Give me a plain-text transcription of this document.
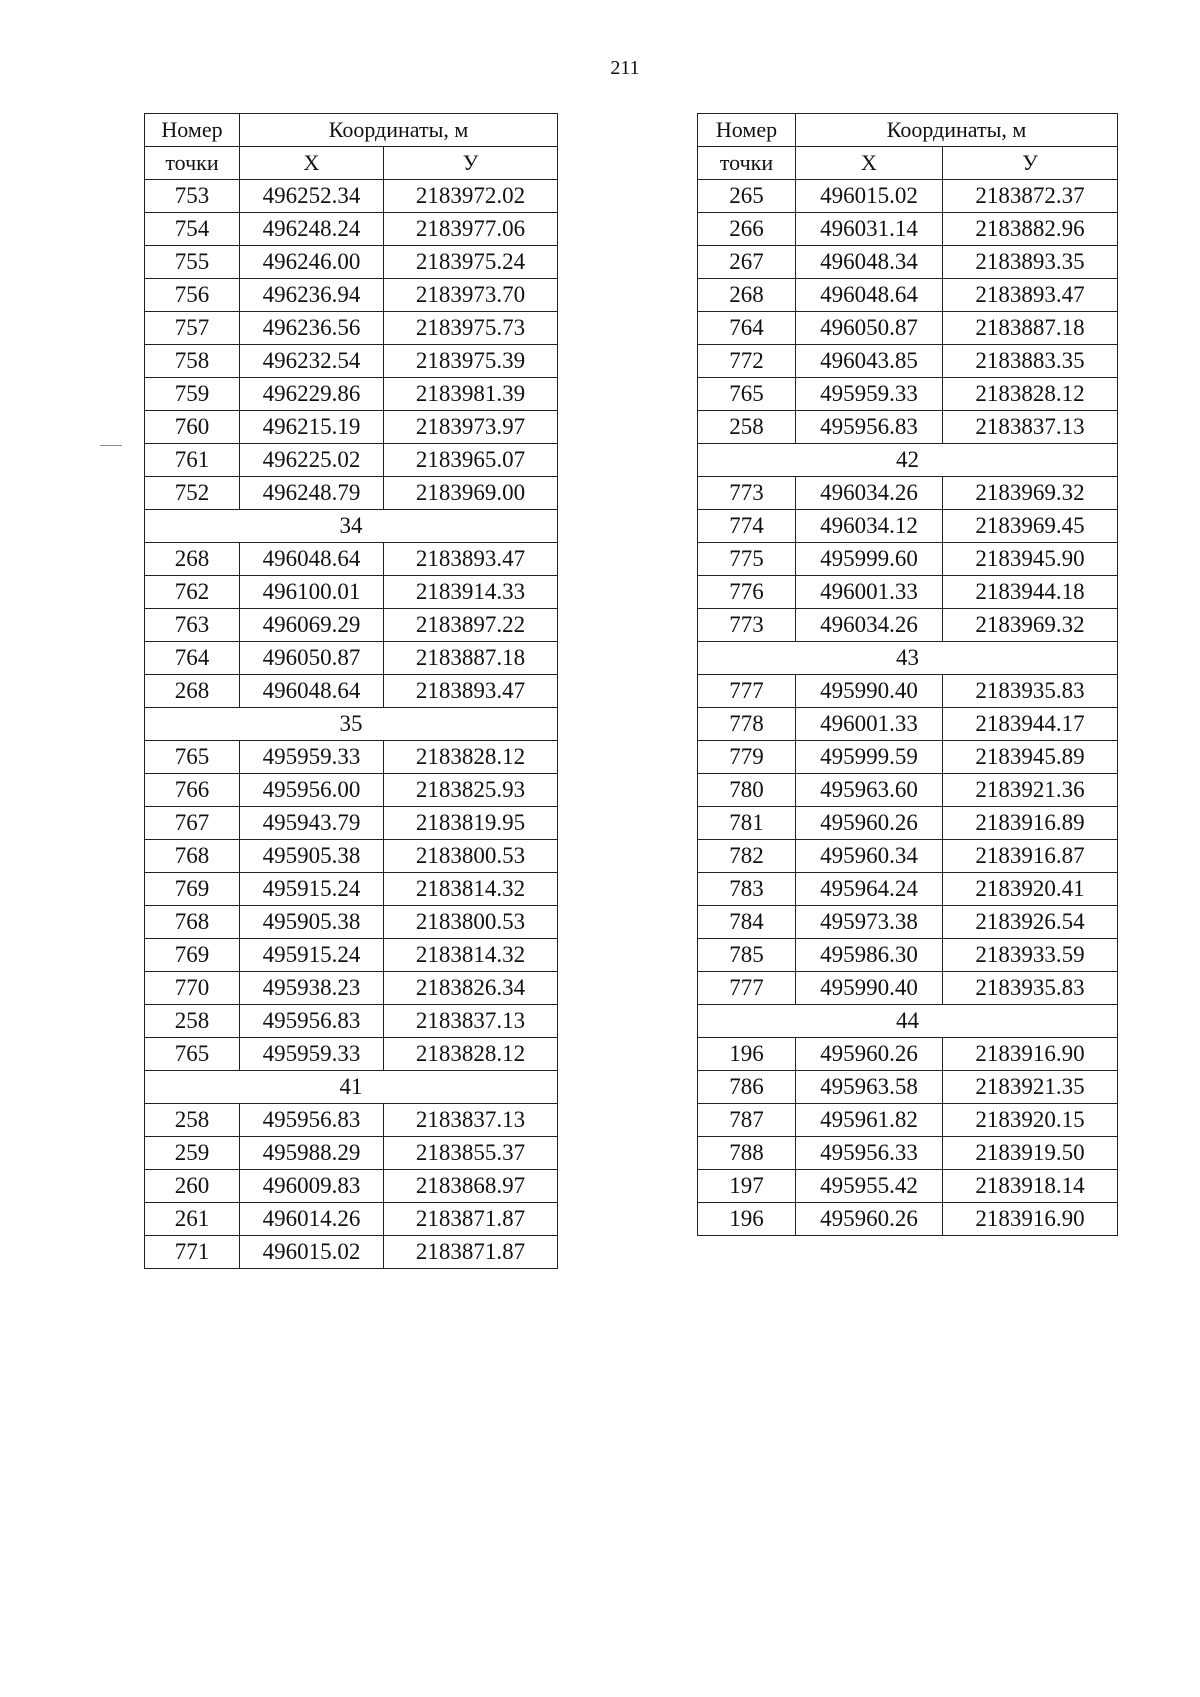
211
Номер	Координаты, м	
точки	Х	У
753	496252.34	2183972.02
754	496248.24	2183977.06
755	496246.00	2183975.24
756	496236.94	2183973.70
757	496236.56	2183975.73
758	496232.54	2183975.39
759	496229.86	2183981.39
760	496215.19	2183973.97
761	496225.02	2183965.07
752	496248.79	2183969.00
34		
268	496048.64	2183893.47
762	496100.01	2183914.33
763	496069.29	2183897.22
764	496050.87	2183887.18
268	496048.64	2183893.47
35		
765	495959.33	2183828.12
766	495956.00	2183825.93
767	495943.79	2183819.95
768	495905.38	2183800.53
769	495915.24	2183814.32
768	495905.38	2183800.53
769	495915.24	2183814.32
770	495938.23	2183826.34
258	495956.83	2183837.13
765	495959.33	2183828.12
41		
258	495956.83	2183837.13
259	495988.29	2183855.37
260	496009.83	2183868.97
261	496014.26	2183871.87
771	496015.02	2183871.87
Номер	Координаты, м	
точки	Х	У
265	496015.02	2183872.37
266	496031.14	2183882.96
267	496048.34	2183893.35
268	496048.64	2183893.47
764	496050.87	2183887.18
772	496043.85	2183883.35
765	495959.33	2183828.12
258	495956.83	2183837.13
42		
773	496034.26	2183969.32
774	496034.12	2183969.45
775	495999.60	2183945.90
776	496001.33	2183944.18
773	496034.26	2183969.32
43		
777	495990.40	2183935.83
778	496001.33	2183944.17
779	495999.59	2183945.89
780	495963.60	2183921.36
781	495960.26	2183916.89
782	495960.34	2183916.87
783	495964.24	2183920.41
784	495973.38	2183926.54
785	495986.30	2183933.59
777	495990.40	2183935.83
44		
196	495960.26	2183916.90
786	495963.58	2183921.35
787	495961.82	2183920.15
788	495956.33	2183919.50
197	495955.42	2183918.14
196	495960.26	2183916.90
